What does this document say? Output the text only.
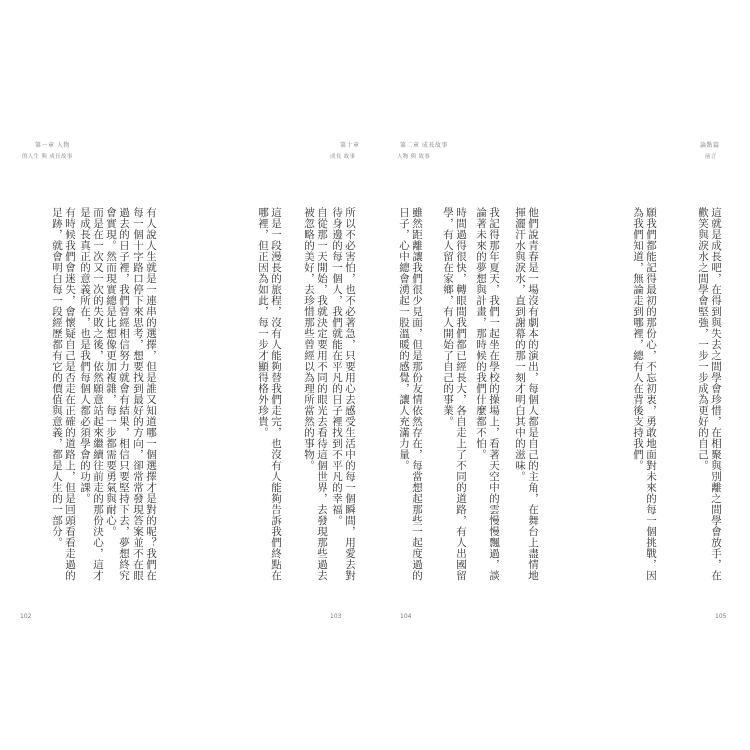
第一章 人物
的人生 與 成長故事
第十章
成長 故事

有人說人生就是一連串的選擇，但是誰又知道哪一個選擇才是對的呢？我們在每一個十字路口停下來思考，想要找到最好的方向，卻常常發現答案並不在眼

過去的日子裡，我們曾經相信努力就會有結果，相信只要堅持下去，夢想終究會實現。然而現實總是比想像更加複雜，每一步都需要勇氣與耐心。

而是在一次又一次的失敗之後，依然願意站起來繼續往前走的那份決心，這才是成長真正的意義所在，也是我們每個人都必須學會的功課。

有時候我們會迷失，會懷疑自己是否走在正確的道路上，但是回頭看看走過的足跡，就會明白每一段經歷都有它的價值與意義，都是人生的一部分。	所以不必害怕，也不必著急，只要用心去感受生活中的每一個瞬間，用愛去對待身邊的每一個人，我們就能在平凡的日子裡找到不平凡的幸福。

自從那一天開始，我就決定要用不同的眼光去看待這個世界，去發現那些過去被忽略的美好，去珍惜那些曾經以為理所當然的事物。

這是一段漫長的旅程，沒有人能夠替我們走完，也沒有人能夠告訴我們終點在哪裡，但正因為如此，每一步才顯得格外珍貴。

102	103
第二章 成長故事
人物 與 故事
論點篇
前言

他們說青春是一場沒有劇本的演出，每個人都是自己的主角，在舞台上盡情地揮灑汗水與淚水，直到謝幕的那一刻才明白其中的滋味。

我記得那年夏天，我們一起坐在學校的操場上，看著天空中的雲慢慢飄過，談論著未來的夢想與計畫，那時候的我們什麼都不怕。

時間過得很快，轉眼間我們都已經長大，各自走上了不同的道路，有人出國留學，有人留在家鄉，有人開始了自己的事業。

雖然距離讓我們很少見面，但是那份友情依然存在，每當想起那些一起度過的日子，心中總會湧起一股溫暖的感覺，讓人充滿力量。	這就是成長吧，在得到與失去之間學會珍惜，在相聚與別離之間學會放手，在歡笑與淚水之間學會堅強，一步一步成為更好的自己。

願我們都能記得最初的那份心，不忘初衷，勇敢地面對未來的每一個挑戰，因為我們知道，無論走到哪裡，總有人在背後支持我們。

104	105
